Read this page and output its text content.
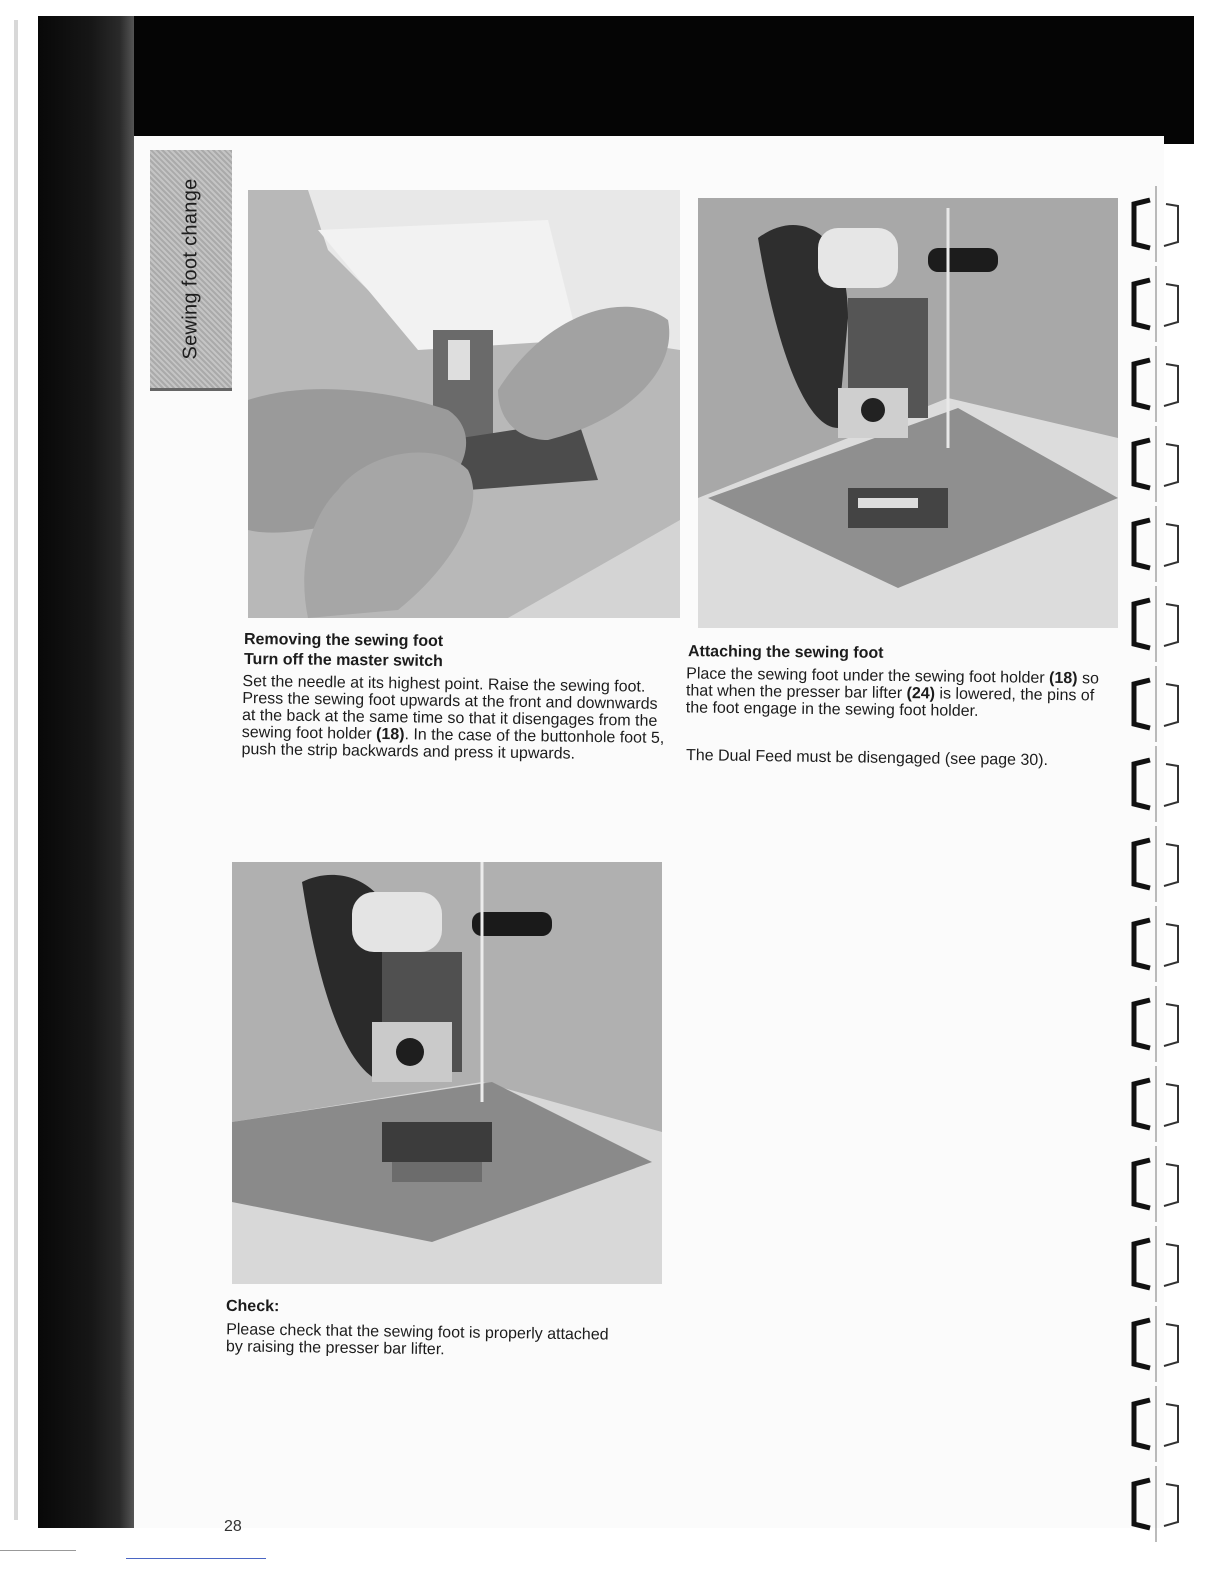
Sewing foot change
Removing the sewing foot
Turn off the master switch
Set the needle at its highest point. Raise the sewing foot. Press the sewing foot upwards at the front and downwards at the back at the same time so that it disengages from the sewing foot holder (18). In the case of the buttonhole foot 5, push the strip backwards and press it upwards.
Attaching the sewing foot
Place the sewing foot under the sewing foot holder (18) so that when the presser bar lifter (24) is lowered, the pins of the foot engage in the sewing foot holder.
The Dual Feed must be disengaged (see page 30).
Check:
Please check that the sewing foot is properly attached by raising the presser bar lifter.
28
